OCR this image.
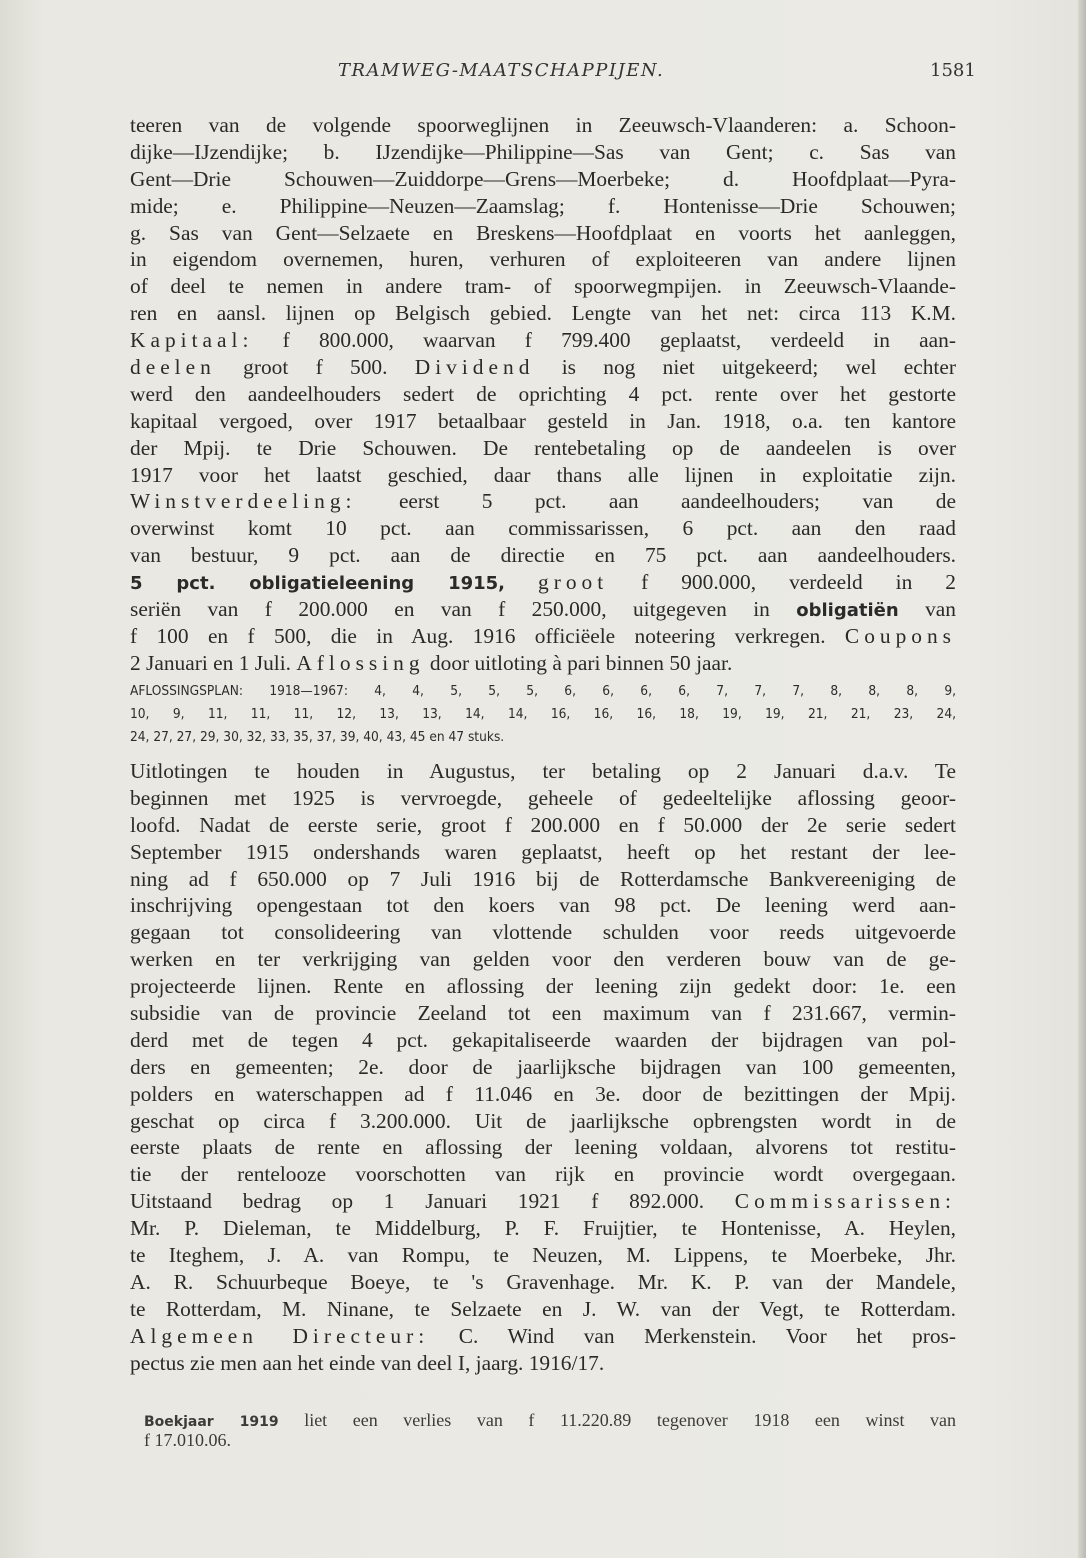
TRAMWEG-MAATSCHAPPIJEN.	1581
teeren van de volgende spoorweglijnen in Zeeuwsch-Vlaanderen: a. Schoon-
dijke—IJzendijke; b. IJzendijke—Philippine—Sas van Gent; c. Sas van
Gent—Drie Schouwen—Zuiddorpe—Grens—Moerbeke; d. Hoofdplaat—Pyra-
mide; e. Philippine—Neuzen—Zaamslag; f. Hontenisse—Drie Schouwen;
g. Sas van Gent—Selzaete en Breskens—Hoofdplaat en voorts het aanleggen,
in eigendom overnemen, huren, verhuren of exploiteeren van andere lijnen
of deel te nemen in andere tram- of spoorwegmpijen. in Zeeuwsch-Vlaande-
ren en aansl. lijnen op Belgisch gebied. Lengte van het net: circa 113 K.M.
Kapitaal: f 800.000, waarvan f 799.400 geplaatst, verdeeld in aan-
deelen groot f 500. Dividend is nog niet uitgekeerd; wel echter
werd den aandeelhouders sedert de oprichting 4 pct. rente over het gestorte
kapitaal vergoed, over 1917 betaalbaar gesteld in Jan. 1918, o.a. ten kantore
der Mpij. te Drie Schouwen. De rentebetaling op de aandeelen is over
1917 voor het laatst geschied, daar thans alle lijnen in exploitatie zijn.
Winstverdeeling: eerst 5 pct. aan aandeelhouders; van de
overwinst komt 10 pct. aan commissarissen, 6 pct. aan den raad
van bestuur, 9 pct. aan de directie en 75 pct. aan aandeelhouders.
5 pct. obligatieleening 1915, groot f 900.000, verdeeld in 2
seriën van f 200.000 en van f 250.000, uitgegeven in obligatiën van
f 100 en f 500, die in Aug. 1916 officiëele noteering verkregen. Coupons
2 Januari en 1 Juli. Aflossing door uitloting à pari binnen 50 jaar.
AFLOSSINGSPLAN: 1918—1967: 4, 4, 5, 5, 5, 6, 6, 6, 6, 7, 7, 7, 8, 8, 8, 9,
10, 9, 11, 11, 11, 12, 13, 13, 14, 14, 16, 16, 16, 18, 19, 19, 21, 21, 23, 24,
24, 27, 27, 29, 30, 32, 33, 35, 37, 39, 40, 43, 45 en 47 stuks.
Uitlotingen te houden in Augustus, ter betaling op 2 Januari d.a.v. Te
beginnen met 1925 is vervroegde, geheele of gedeeltelijke aflossing geoor-
loofd. Nadat de eerste serie, groot f 200.000 en f 50.000 der 2e serie sedert
September 1915 ondershands waren geplaatst, heeft op het restant der lee-
ning ad f 650.000 op 7 Juli 1916 bij de Rotterdamsche Bankvereeniging de
inschrijving opengestaan tot den koers van 98 pct. De leening werd aan-
gegaan tot consolideering van vlottende schulden voor reeds uitgevoerde
werken en ter verkrijging van gelden voor den verderen bouw van de ge-
projecteerde lijnen. Rente en aflossing der leening zijn gedekt door: 1e. een
subsidie van de provincie Zeeland tot een maximum van f 231.667, vermin-
derd met de tegen 4 pct. gekapitaliseerde waarden der bijdragen van pol-
ders en gemeenten; 2e. door de jaarlijksche bijdragen van 100 gemeenten,
polders en waterschappen ad f 11.046 en 3e. door de bezittingen der Mpij.
geschat op circa f 3.200.000. Uit de jaarlijksche opbrengsten wordt in de
eerste plaats de rente en aflossing der leening voldaan, alvorens tot restitu-
tie der rentelooze voorschotten van rijk en provincie wordt overgegaan.
Uitstaand bedrag op 1 Januari 1921 f 892.000. Commissarissen:
Mr. P. Dieleman, te Middelburg, P. F. Fruijtier, te Hontenisse, A. Heylen,
te Iteghem, J. A. van Rompu, te Neuzen, M. Lippens, te Moerbeke, Jhr.
A. R. Schuurbeque Boeye, te 's Gravenhage. Mr. K. P. van der Mandele,
te Rotterdam, M. Ninane, te Selzaete en J. W. van der Vegt, te Rotterdam.
Algemeen Directeur: C. Wind van Merkenstein. Voor het pros-
pectus zie men aan het einde van deel I, jaarg. 1916/17.
Boekjaar 1919 liet een verlies van f 11.220.89 tegenover 1918 een winst van
f 17.010.06.
